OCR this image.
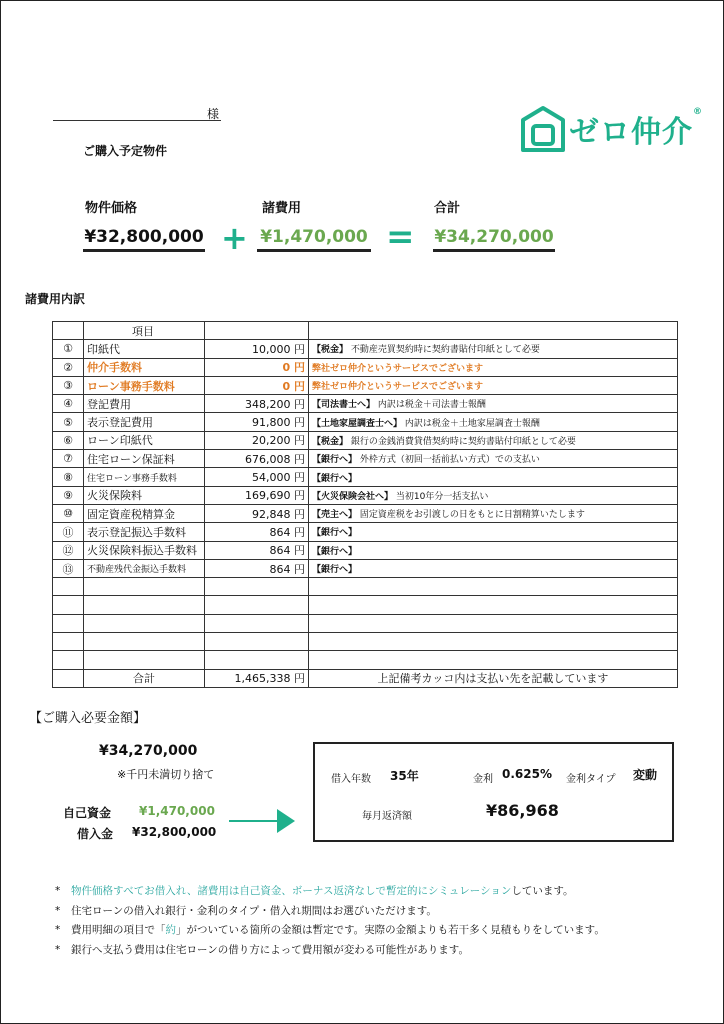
様
ご購入予定物件
ゼロ仲介®
物件価格	諸費用	合計
¥32,800,000	¥1,470,000	¥34,270,000
+	=
諸費用内訳
	項目		
①	印紙代	10,000 円	【税金】 不動産売買契約時に契約書貼付印紙として必要
②	仲介手数料	0 円	弊社ゼロ仲介というサービスでございます
③	ローン事務手数料	0 円	弊社ゼロ仲介というサービスでございます
④	登記費用	348,200 円	【司法書士へ】 内訳は税金＋司法書士報酬
⑤	表示登記費用	91,800 円	【土地家屋調査士へ】 内訳は税金＋土地家屋調査士報酬
⑥	ローン印紙代	20,200 円	【税金】 銀行の金銭消費貸借契約時に契約書貼付印紙として必要
⑦	住宅ローン保証料	676,008 円	【銀行へ】 外枠方式（初回一括前払い方式）での支払い
⑧	住宅ローン事務手数料	54,000 円	【銀行へ】
⑨	火災保険料	169,690 円	【火災保険会社へ】 当初10年分一括支払い
⑩	固定資産税精算金	92,848 円	【売主へ】 固定資産税をお引渡しの日をもとに日割精算いたします
⑪	表示登記振込手数料	864 円	【銀行へ】
⑫	火災保険料振込手数料	864 円	【銀行へ】
⑬	不動産残代金振込手数料	864 円	【銀行へ】

	合計	1,465,338 円	上記備考カッコ内は支払い先を記載しています
【ご購入必要金額】
¥34,270,000
※千円未満切り捨て
自己資金 ¥1,470,000
借入金 ¥32,800,000
借入年数 35年	金利 0.625% 金利タイプ 変動
毎月返済額	¥86,968
* 物件価格すべてお借入れ、諸費用は自己資金、ボーナス返済なしで暫定的にシミュレーションしています。
* 住宅ローンの借入れ銀行・金利のタイプ・借入れ期間はお選びいただけます。
* 費用明細の項目で「約」がついている箇所の金額は暫定です。実際の金額よりも若干多く見積もりをしています。
* 銀行へ支払う費用は住宅ローンの借り方によって費用額が変わる可能性があります。
